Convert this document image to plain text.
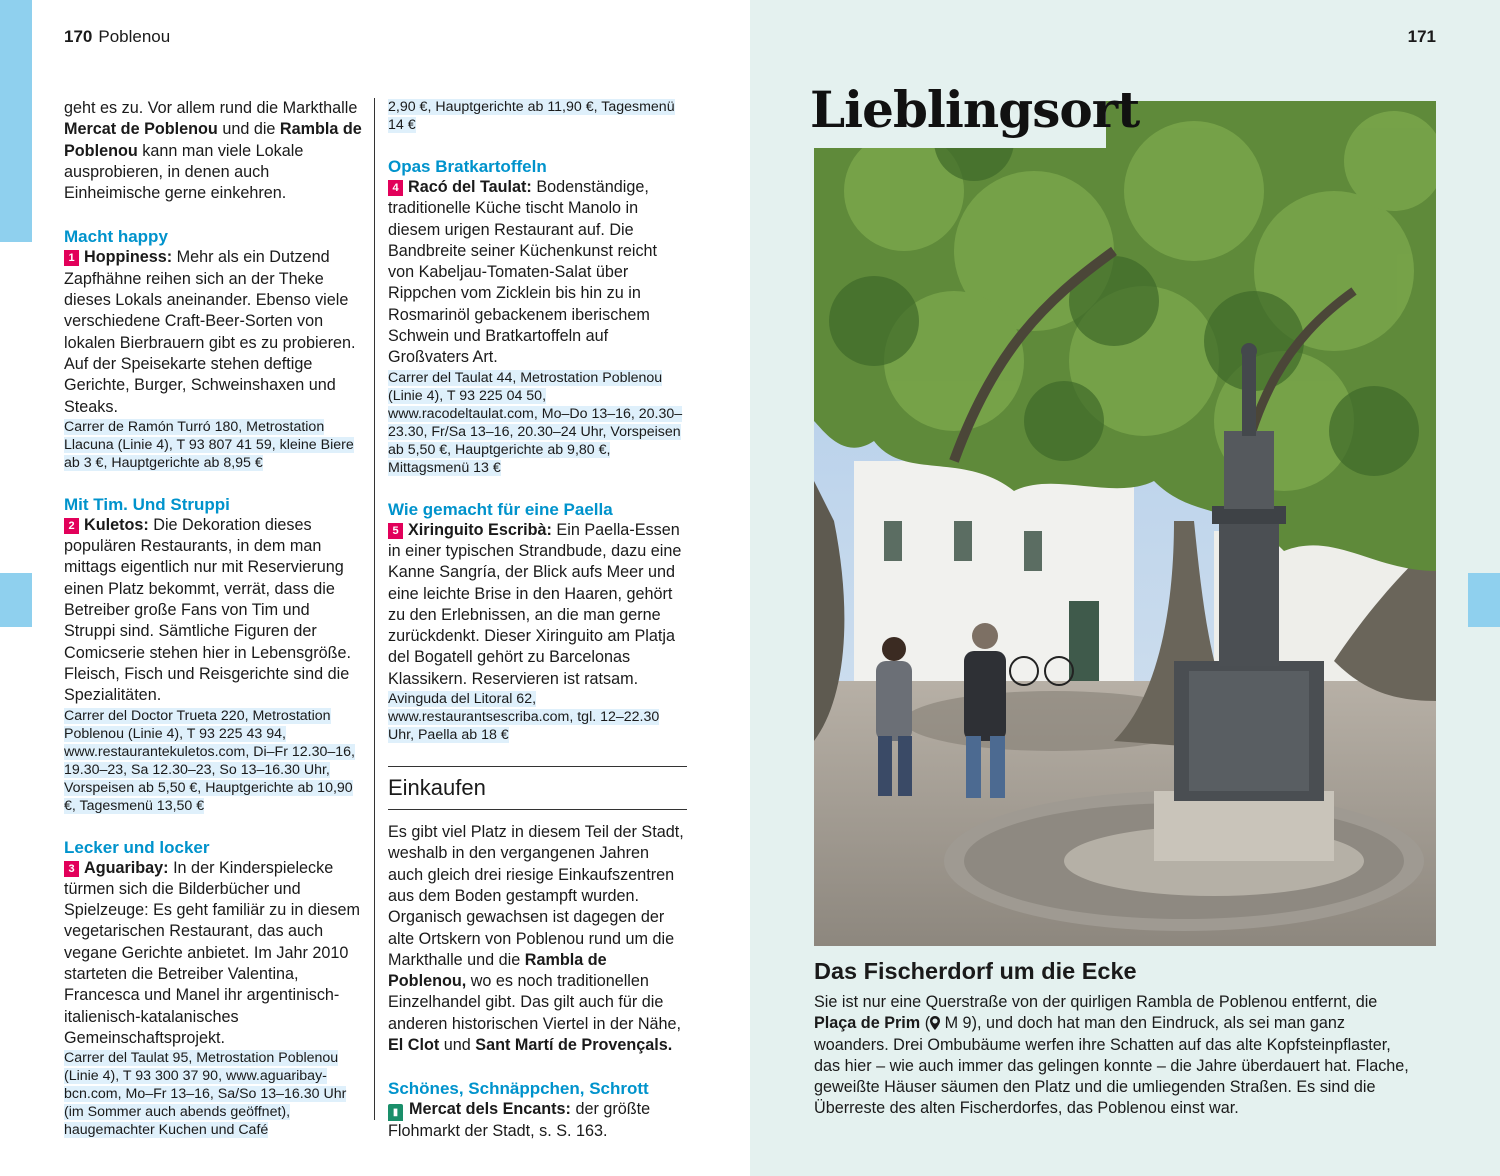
170 Poblenou

geht es zu. Vor allem rund die Markthalle Mercat de Poblenou und die Rambla de Poblenou kann man viele Lokale ausprobieren, in denen auch Einheimische gerne einkehren.

Macht happy

1 Hoppiness: Mehr als ein Dutzend Zapfhähne reihen sich an der Theke dieses Lokals aneinander. Ebenso viele verschiedene Craft-Beer-Sorten von lokalen Bierbrauern gibt es zu probieren. Auf der Speisekarte stehen deftige Gerichte, Burger, Schweinshaxen und Steaks.

Carrer de Ramón Turró 180, Metrostation Llacuna (Linie 4), T 93 807 41 59, kleine Biere ab 3 €, Hauptgerichte ab 8,95 €

Mit Tim. Und Struppi

2 Kuletos: Die Dekoration dieses populären Restaurants, in dem man mittags eigentlich nur mit Reservierung einen Platz bekommt, verrät, dass die Betreiber große Fans von Tim und Struppi sind. Sämtliche Figuren der Comicserie stehen hier in Lebensgröße. Fleisch, Fisch und Reisgerichte sind die Spezialitäten.

Carrer del Doctor Trueta 220, Metrostation Poblenou (Linie 4), T 93 225 43 94, www.restaurantekuletos.com, Di–Fr 12.30–16, 19.30–23, Sa 12.30–23, So 13–16.30 Uhr, Vorspeisen ab 5,50 €, Hauptgerichte ab 10,90 €, Tagesmenü 13,50 €

Lecker und locker

3 Aguaribay: In der Kinderspielecke türmen sich die Bilderbücher und Spielzeuge: Es geht familiär zu in diesem vegetarischen Restaurant, das auch vegane Gerichte anbietet. Im Jahr 2010 starteten die Betreiber Valentina, Francesca und Manel ihr argentinisch-italienisch-katalanisches Gemeinschaftsprojekt.

Carrer del Taulat 95, Metrostation Poblenou (Linie 4), T 93 300 37 90, www.aguaribay-bcn.com, Mo–Fr 13–16, Sa/So 13–16.30 Uhr (im Sommer auch abends geöffnet), haugemachter Kuchen und Café

2,90 €, Hauptgerichte ab 11,90 €, Tagesmenü 14 €

Opas Bratkartoffeln

4 Racó del Taulat: Bodenständige, traditionelle Küche tischt Manolo in diesem urigen Restaurant auf. Die Bandbreite seiner Küchenkunst reicht von Kabeljau-Tomaten-Salat über Rippchen vom Zicklein bis hin zu in Rosmarinöl gebackenem iberischem Schwein und Bratkartoffeln auf Großvaters Art.

Carrer del Taulat 44, Metrostation Poblenou (Linie 4), T 93 225 04 50, www.racodeltaulat.com, Mo–Do 13–16, 20.30–23.30, Fr/Sa 13–16, 20.30–24 Uhr, Vorspeisen ab 5,50 €, Hauptgerichte ab 9,80 €, Mittagsmenü 13 €

Wie gemacht für eine Paella

5 Xiringuito Escribà: Ein Paella-Essen in einer typischen Strandbude, dazu eine Kanne Sangría, der Blick aufs Meer und eine leichte Brise in den Haaren, gehört zu den Erlebnissen, an die man gerne zurückdenkt. Dieser Xiringuito am Platja del Bogatell gehört zu Barcelonas Klassikern. Reservieren ist ratsam.

Avinguda del Litoral 62, www.restaurantsescriba.com, tgl. 12–22.30 Uhr, Paella ab 18 €

Einkaufen

Es gibt viel Platz in diesem Teil der Stadt, weshalb in den vergangenen Jahren auch gleich drei riesige Einkaufszentren aus dem Boden gestampft wurden. Organisch gewachsen ist dagegen der alte Ortskern von Poblenou rund um die Markthalle und die Rambla de Poblenou, wo es noch traditionellen Einzelhandel gibt. Das gilt auch für die anderen historischen Viertel in der Nähe, El Clot und Sant Martí de Provençals.

Schönes, Schnäppchen, Schrott

▮ Mercat dels Encants: der größte Flohmarkt der Stadt, s. S. 163.

171
Lieblingsort
Das Fischerdorf um die Ecke

Sie ist nur eine Querstraße von der quirligen Rambla de Poblenou entfernt, die Plaça de Prim ( M 9), und doch hat man den Eindruck, als sei man ganz woanders. Drei Ombubäume werfen ihre Schatten auf das alte Kopfsteinpflaster, das hier – wie auch immer das gelingen konnte – die Jahre überdauert hat. Flache, geweißte Häuser säumen den Platz und die umliegenden Straßen. Es sind die Überreste des alten Fischerdorfes, das Poblenou einst war.
